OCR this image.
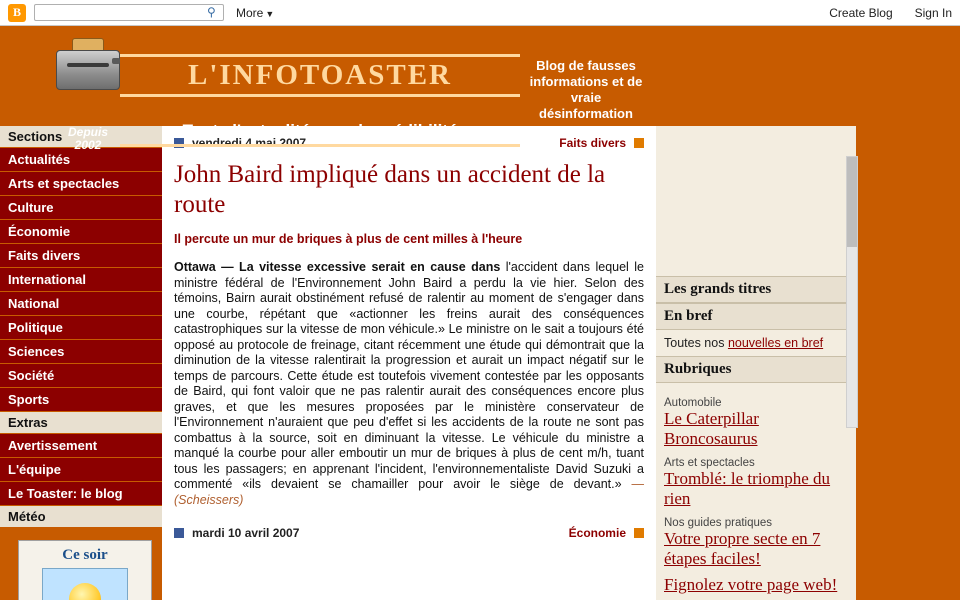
B	⚲	More ▼	Create Blog Sign In
Depuis
2002
L'INFOTOASTER
Toute l'actualité sans la crédibilité
Blog de fausses informations et de vraie désinformation
Sections
Actualités
Arts et spectacles
Culture
Économie
Faits divers
International
National
Politique
Sciences
Société
Sports
Extras
Avertissement
L'équipe
Le Toaster: le blog
Météo
Ce soir
vendredi 4 mai 2007	Faits divers
John Baird impliqué dans un accident de la route
Il percute un mur de briques à plus de cent milles à l'heure
Ottawa — La vitesse excessive serait en cause dans l'accident dans lequel le ministre fédéral de l'Environnement John Baird a perdu la vie hier. Selon des témoins, Bairn aurait obstinément refusé de ralentir au moment de s'engager dans une courbe, répétant que «actionner les freins aurait des conséquences catastrophiques sur la vitesse de mon véhicule.» Le ministre on le sait a toujours été opposé au protocole de freinage, citant récemment une étude qui démontrait que la diminution de la vitesse ralentirait la progression et aurait un impact négatif sur le temps de parcours. Cette étude est toutefois vivement contestée par les opposants de Baird, qui font valoir que ne pas ralentir aurait des conséquences encore plus graves, et que les mesures proposées par le ministère conservateur de l'Environnement n'auraient que peu d'effet si les accidents de la route ne sont pas combattus à la source, soit en diminuant la vitesse. Le véhicule du ministre a manqué la courbe pour aller emboutir un mur de briques à plus de cent m/h, tuant tous les passagers; en apprenant l'incident, l'environnementaliste David Suzuki a commenté «ils devaient se chamailler pour avoir le siège de devant.» — (Scheissers)
mardi 10 avril 2007	Économie
Les grands titres
En bref
Toutes nos nouvelles en bref
Rubriques
Automobile
Le Caterpillar Broncosaurus
Arts et spectacles
Tromblé: le triomphe du rien
Nos guides pratiques
Votre propre secte en 7 étapes faciles!
Fignolez votre page web!
